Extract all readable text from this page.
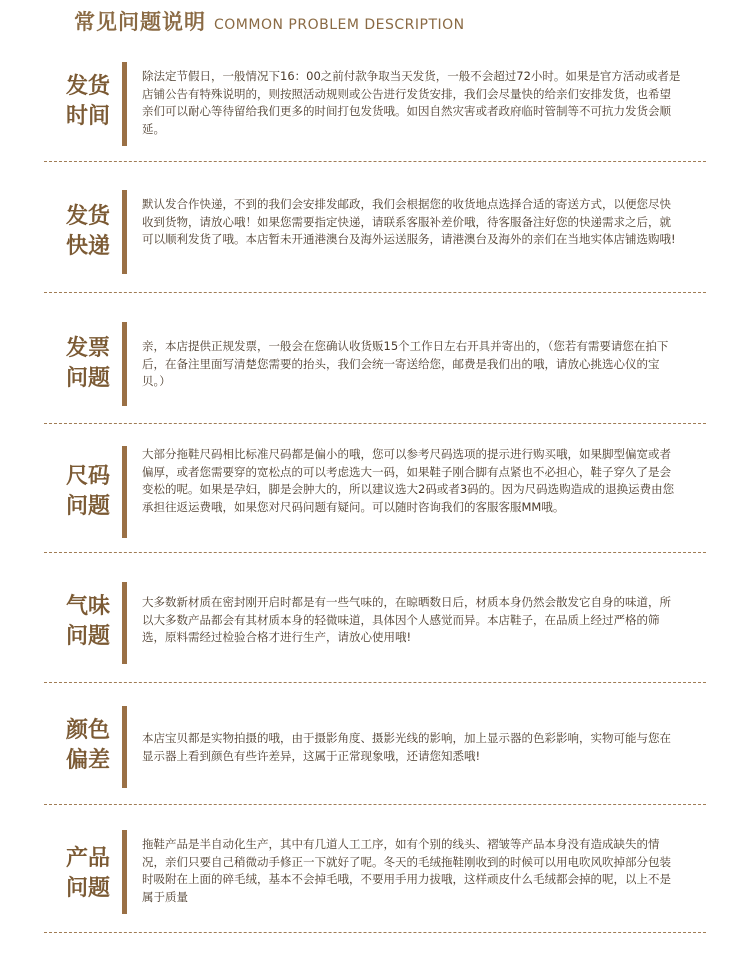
常见问题说明 COMMON PROBLEM DESCRIPTION
发货
时间
除法定节假日，一般情况下16：00之前付款争取当天发货，一般不会超过72小时。如果是官方活动或者是店铺公告有特殊说明的，则按照活动规则或公告进行发货安排，我们会尽量快的给亲们安排发货，也希望亲们可以耐心等待留给我们更多的时间打包发货哦。如因自然灾害或者政府临时管制等不可抗力发货会顺延。
发货
快递
默认发合作快递，不到的我们会安排发邮政，我们会根据您的收货地点选择合适的寄送方式，以便您尽快收到货物，请放心哦！如果您需要指定快递，请联系客服补差价哦，待客服备注好您的快递需求之后，就可以顺利发货了哦。本店暂未开通港澳台及海外运送服务，请港澳台及海外的亲们在当地实体店铺选购哦!
发票
问题
亲，本店提供正规发票，一般会在您确认收货贩15个工作日左右开具并寄出的，（您若有需要请您在拍下后，在备注里面写清楚您需要的抬头，我们会统一寄送给您，邮费是我们出的哦，请放心挑选心仪的宝贝。）
尺码
问题
大部分拖鞋尺码相比标准尺码都是偏小的哦，您可以参考尺码选项的提示进行购买哦，如果脚型偏宽或者偏厚，或者您需要穿的宽松点的可以考虑选大一码，如果鞋子刚合脚有点紧也不必担心，鞋子穿久了是会变松的呢。如果是孕妇，脚是会肿大的，所以建议选大2码或者3码的。因为尺码选购造成的退换运费由您承担往返运费哦，如果您对尺码问题有疑问。可以随时咨询我们的客服客服MM哦。
气味
问题
大多数新材质在密封刚开启时都是有一些气味的，在晾晒数日后，材质本身仍然会散发它自身的味道，所以大多数产品都会有其材质本身的轻微味道，具体因个人感觉而异。本店鞋子，在品质上经过严格的筛选，原料需经过检验合格才进行生产，请放心使用哦!
颜色
偏差
本店宝贝都是实物拍摄的哦，由于摄影角度、摄影光线的影响，加上显示器的色彩影响，实物可能与您在显示器上看到颜色有些许差异，这属于正常现象哦，还请您知悉哦!
产品
问题
拖鞋产品是半自动化生产，其中有几道人工工序，如有个别的线头、褶皱等产品本身没有造成缺失的情况，亲们只要自己稍微动手修正一下就好了呢。冬天的毛绒拖鞋刚收到的时候可以用电吹风吹掉部分包装时吸附在上面的碎毛绒，基本不会掉毛哦，不要用手用力拔哦，这样顽皮什么毛绒都会掉的呢，以上不是属于质量
